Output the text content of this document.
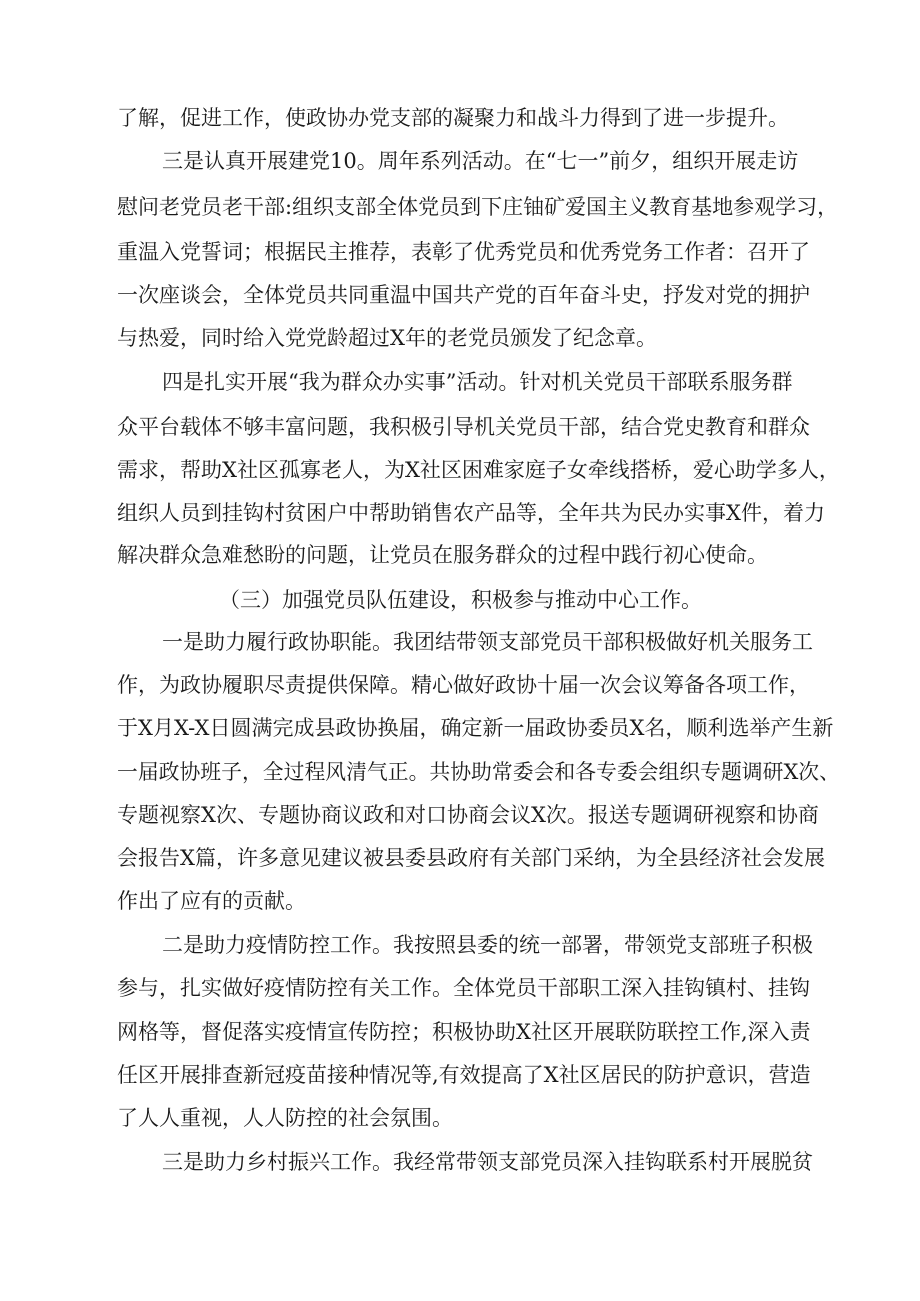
了解，促进工作，使政协办党支部的凝聚力和战斗力得到了进一步提升。
三是认真开展建党10。周年系列活动。在“七一”前夕，组织开展走访
慰问老党员老干部:组织支部全体党员到下庄铀矿爱国主义教育基地参观学习，
重温入党誓词；根据民主推荐，表彰了优秀党员和优秀党务工作者：召开了
一次座谈会，全体党员共同重温中国共产党的百年奋斗史，抒发对党的拥护
与热爱，同时给入党党龄超过X年的老党员颁发了纪念章。
四是扎实开展“我为群众办实事”活动。针对机关党员干部联系服务群
众平台载体不够丰富问题，我积极引导机关党员干部，结合党史教育和群众
需求，帮助X社区孤寡老人，为X社区困难家庭子女牵线搭桥，爱心助学多人，
组织人员到挂钩村贫困户中帮助销售农产品等，全年共为民办实事X件，着力
解决群众急难愁盼的问题，让党员在服务群众的过程中践行初心使命。
（三）加强党员队伍建设，积极参与推动中心工作。
一是助力履行政协职能。我团结带领支部党员干部积极做好机关服务工
作，为政协履职尽责提供保障。精心做好政协十届一次会议筹备各项工作，
于X月X-X日圆满完成县政协换届，确定新一届政协委员X名，顺利选举产生新
一届政协班子，全过程风清气正。共协助常委会和各专委会组织专题调研X次、
专题视察X次、专题协商议政和对口协商会议X次。报送专题调研视察和协商
会报告X篇，许多意见建议被县委县政府有关部门采纳，为全县经济社会发展
作出了应有的贡献。
二是助力疫情防控工作。我按照县委的统一部署，带领党支部班子积极
参与，扎实做好疫情防控有关工作。全体党员干部职工深入挂钩镇村、挂钩
网格等，督促落实疫情宣传防控；积极协助X社区开展联防联控工作,深入责
任区开展排查新冠疫苗接种情况等,有效提高了X社区居民的防护意识，营造
了人人重视，人人防控的社会氛围。
三是助力乡村振兴工作。我经常带领支部党员深入挂钩联系村开展脱贫
